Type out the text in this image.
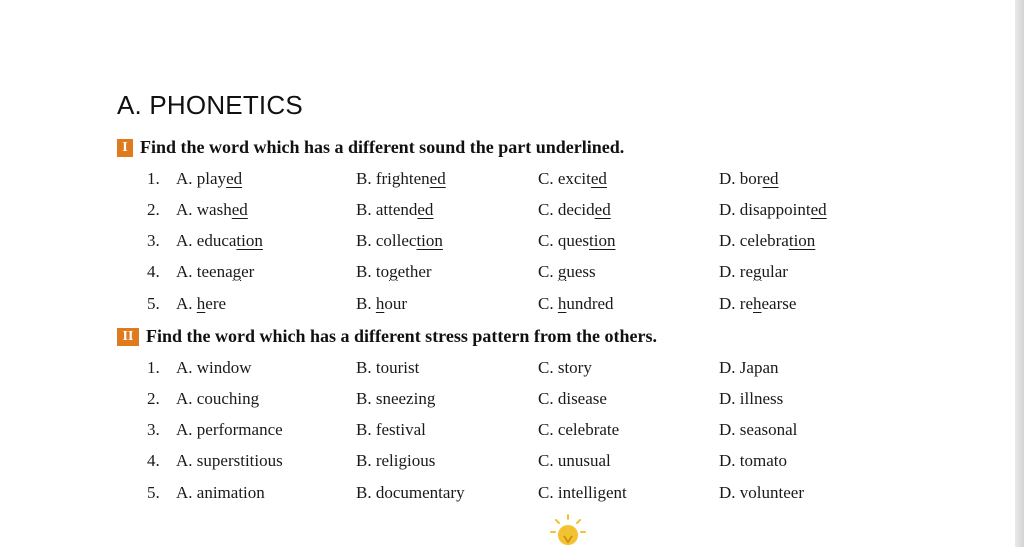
A. PHONETICS
I Find the word which has a different sound the part underlined.
1. A. played	B. frightened	C. excited	D. bored
2. A. washed	B. attended	C. decided	D. disappointed
3. A. education	B. collection	C. question	D. celebration
4. A. teenager	B. together	C. guess	D. regular
5. A. here	B. hour	C. hundred	D. rehearse
II Find the word which has a different stress pattern from the others.
1. A. window	B. tourist	C. story	D. Japan
2. A. couching	B. sneezing	C. disease	D. illness
3. A. performance	B. festival	C. celebrate	D. seasonal
4. A. superstitious	B. religious	C. unusual	D. tomato
5. A. animation	B. documentary	C. intelligent	D. volunteer
